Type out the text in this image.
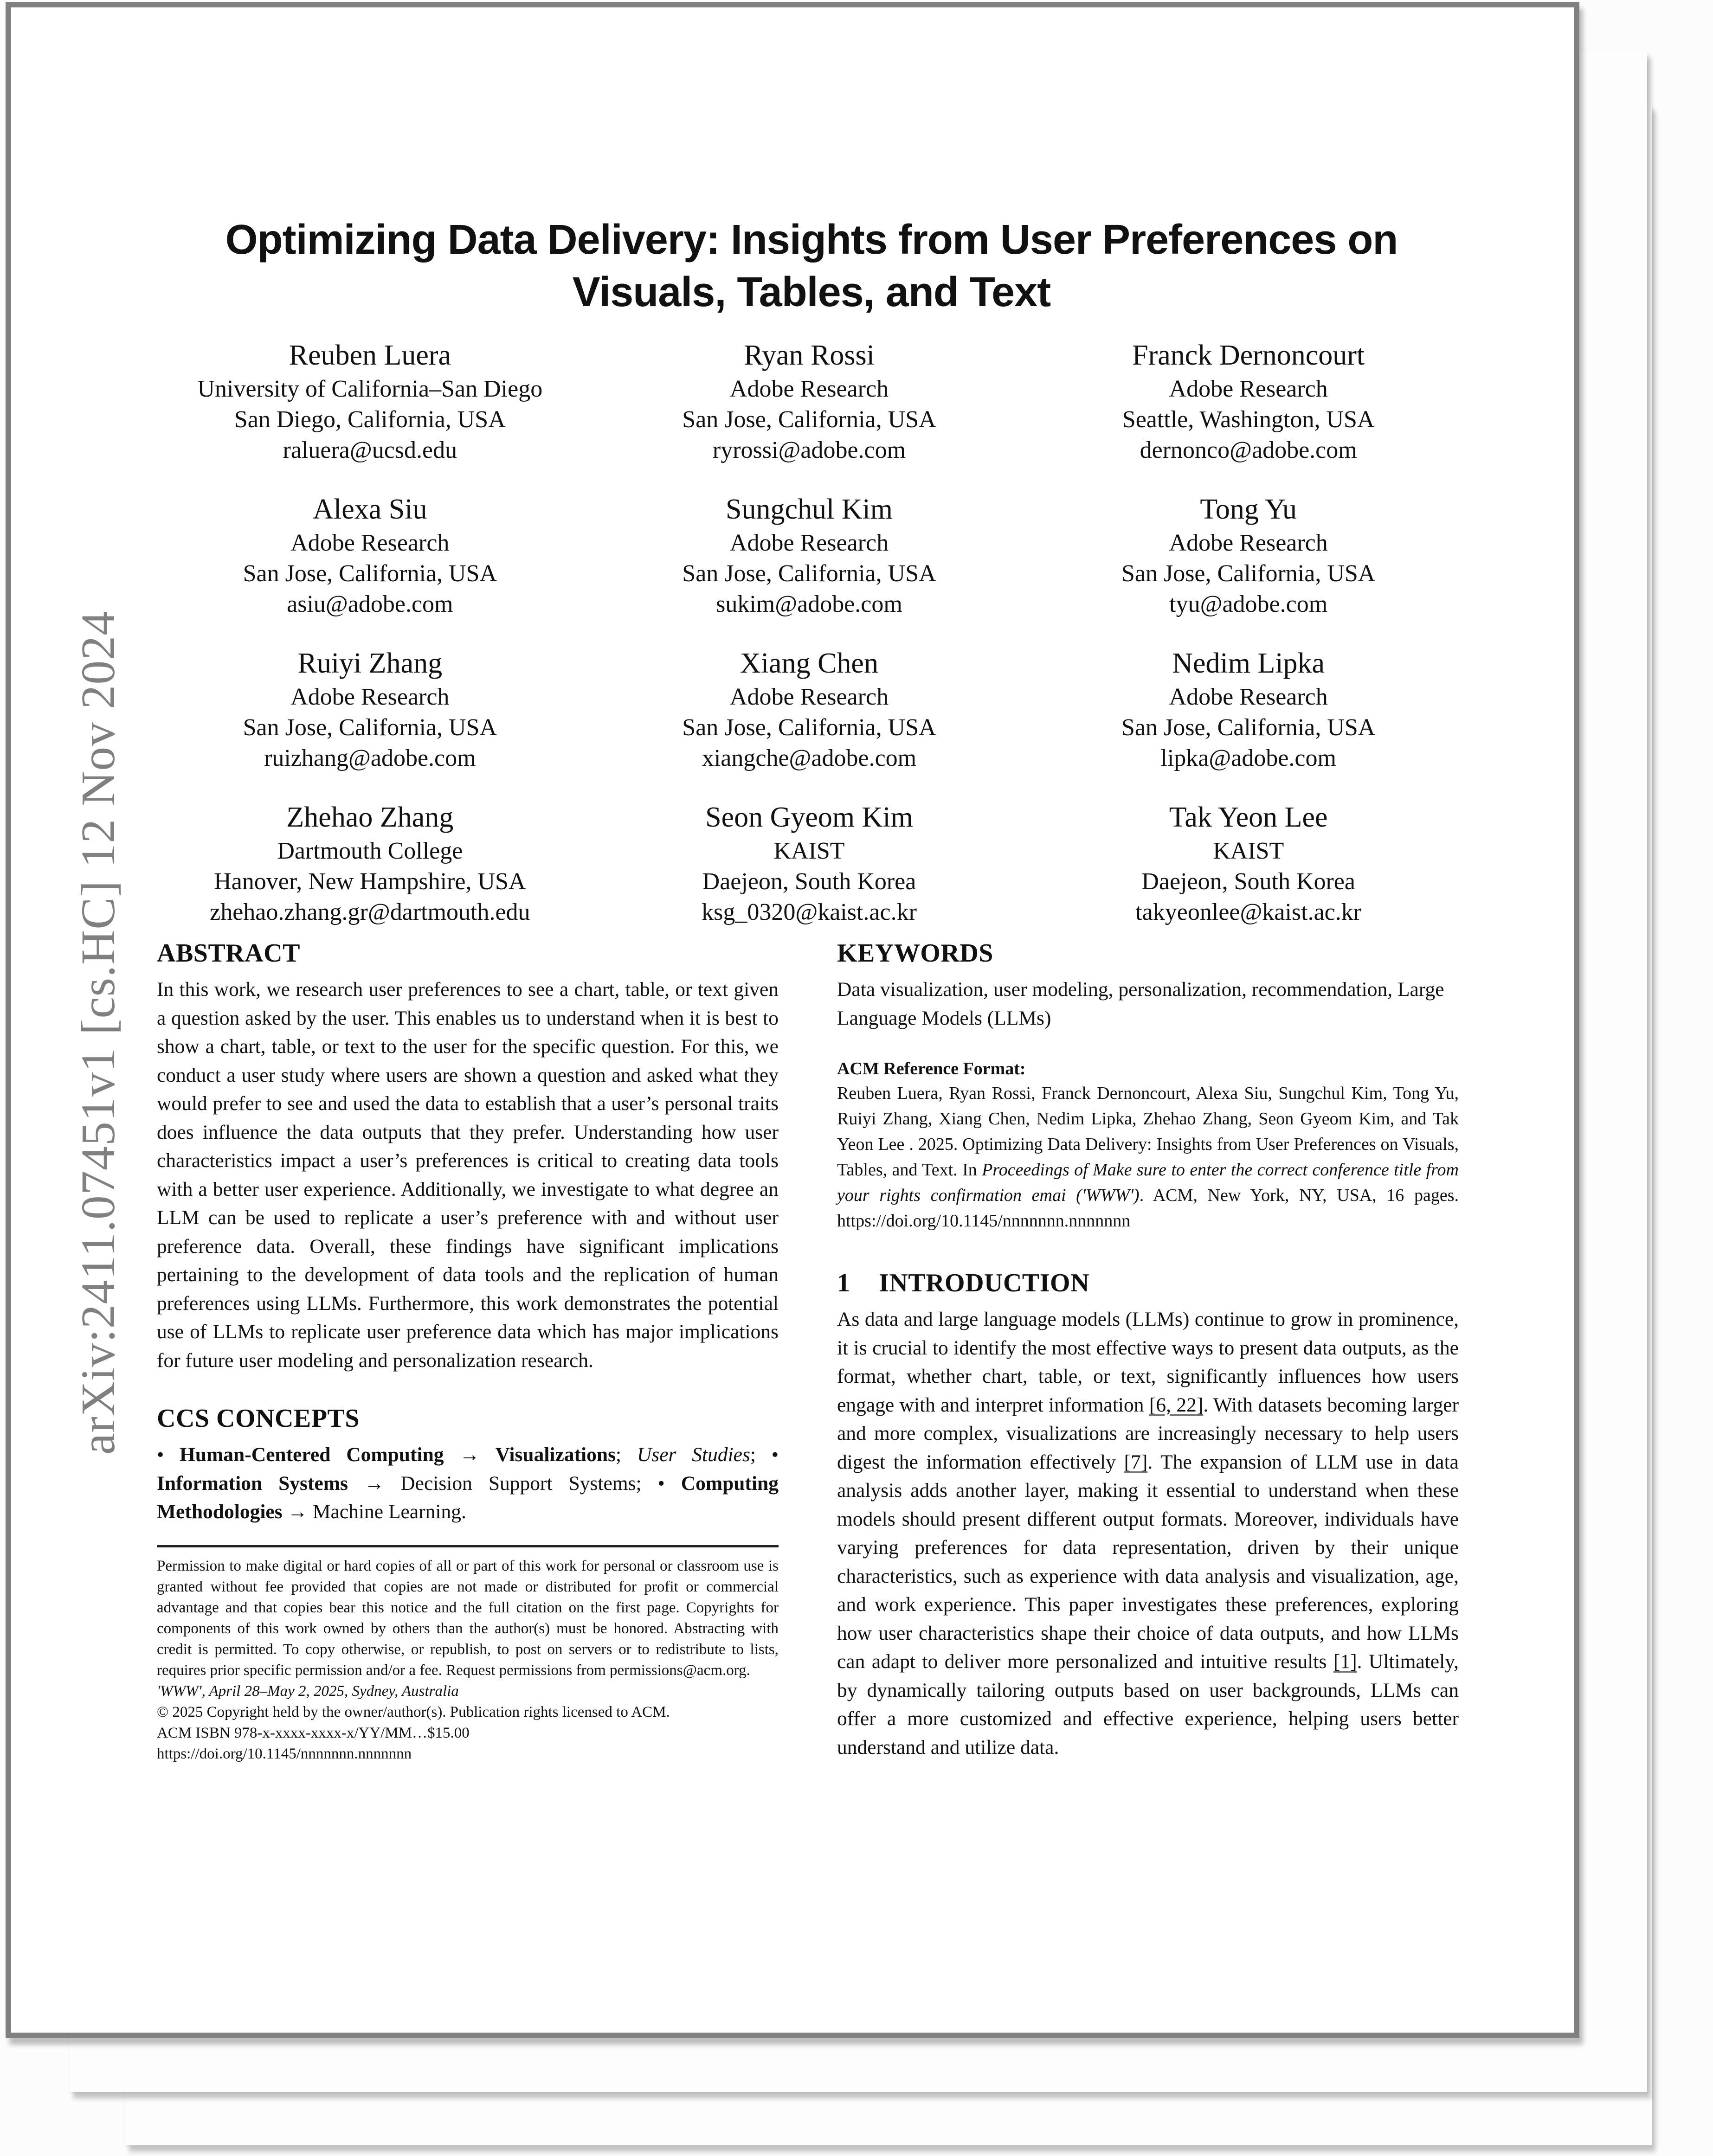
arXiv:2411.07451v1 [cs.HC] 12 Nov 2024
Optimizing Data Delivery: Insights from User Preferences on Visuals, Tables, and Text
Reuben Luera
University of California–San Diego
San Diego, California, USA
raluera@ucsd.edu
Ryan Rossi
Adobe Research
San Jose, California, USA
ryrossi@adobe.com
Franck Dernoncourt
Adobe Research
Seattle, Washington, USA
dernonco@adobe.com
Alexa Siu
Adobe Research
San Jose, California, USA
asiu@adobe.com
Sungchul Kim
Adobe Research
San Jose, California, USA
sukim@adobe.com
Tong Yu
Adobe Research
San Jose, California, USA
tyu@adobe.com
Ruiyi Zhang
Adobe Research
San Jose, California, USA
ruizhang@adobe.com
Xiang Chen
Adobe Research
San Jose, California, USA
xiangche@adobe.com
Nedim Lipka
Adobe Research
San Jose, California, USA
lipka@adobe.com
Zhehao Zhang
Dartmouth College
Hanover, New Hampshire, USA
zhehao.zhang.gr@dartmouth.edu
Seon Gyeom Kim
KAIST
Daejeon, South Korea
ksg_0320@kaist.ac.kr
Tak Yeon Lee
KAIST
Daejeon, South Korea
takyeonlee@kaist.ac.kr
ABSTRACT

In this work, we research user preferences to see a chart, table, or text given a question asked by the user. This enables us to understand when it is best to show a chart, table, or text to the user for the specific question. For this, we conduct a user study where users are shown a question and asked what they would prefer to see and used the data to establish that a user’s personal traits does influence the data outputs that they prefer. Understanding how user characteristics impact a user’s preferences is critical to creating data tools with a better user experience. Additionally, we investigate to what degree an LLM can be used to replicate a user’s preference with and without user preference data. Overall, these findings have significant implications pertaining to the development of data tools and the replication of human preferences using LLMs. Furthermore, this work demonstrates the potential use of LLMs to replicate user preference data which has major implications for future user modeling and personalization research.

CCS CONCEPTS

• Human-Centered Computing → Visualizations; User Studies; • Information Systems → Decision Support Systems; • Computing Methodologies → Machine Learning.

Permission to make digital or hard copies of all or part of this work for personal or classroom use is granted without fee provided that copies are not made or distributed for profit or commercial advantage and that copies bear this notice and the full citation on the first page. Copyrights for components of this work owned by others than the author(s) must be honored. Abstracting with credit is permitted. To copy otherwise, or republish, to post on servers or to redistribute to lists, requires prior specific permission and/or a fee. Request permissions from permissions@acm.org.

'WWW', April 28–May 2, 2025, Sydney, Australia

© 2025 Copyright held by the owner/author(s). Publication rights licensed to ACM.

ACM ISBN 978-x-xxxx-xxxx-x/YY/MM…$15.00

https://doi.org/10.1145/nnnnnnn.nnnnnnn

KEYWORDS

Data visualization, user modeling, personalization, recommendation, Large Language Models (LLMs)

ACM Reference Format:

Reuben Luera, Ryan Rossi, Franck Dernoncourt, Alexa Siu, Sungchul Kim, Tong Yu, Ruiyi Zhang, Xiang Chen, Nedim Lipka, Zhehao Zhang, Seon Gyeom Kim, and Tak Yeon Lee . 2025. Optimizing Data Delivery: Insights from User Preferences on Visuals, Tables, and Text. In Proceedings of Make sure to enter the correct conference title from your rights confirmation emai ('WWW'). ACM, New York, NY, USA, 16 pages. https://doi.org/10.1145/nnnnnnn.nnnnnnn

1 INTRODUCTION

As data and large language models (LLMs) continue to grow in prominence, it is crucial to identify the most effective ways to present data outputs, as the format, whether chart, table, or text, significantly influences how users engage with and interpret information [6, 22]. With datasets becoming larger and more complex, visualizations are increasingly necessary to help users digest the information effectively [7]. The expansion of LLM use in data analysis adds another layer, making it essential to understand when these models should present different output formats. Moreover, individuals have varying preferences for data representation, driven by their unique characteristics, such as experience with data analysis and visualization, age, and work experience. This paper investigates these preferences, exploring how user characteristics shape their choice of data outputs, and how LLMs can adapt to deliver more personalized and intuitive results [1]. Ultimately, by dynamically tailoring outputs based on user backgrounds, LLMs can offer a more customized and effective experience, helping users better understand and utilize data.
